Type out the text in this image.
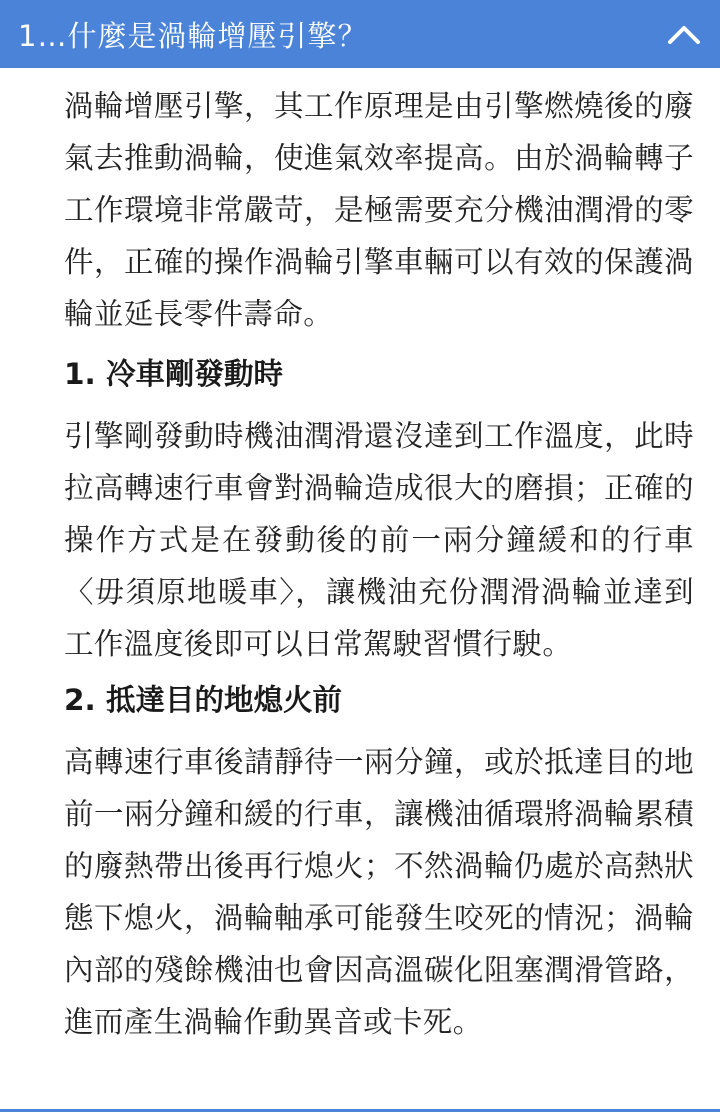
1…什麼是渦輪增壓引擎？

渦輪增壓引擎，其工作原理是由引擎燃燒後的廢氣去推動渦輪，使進氣效率提高。由於渦輪轉子工作環境非常嚴苛，是極需要充分機油潤滑的零件，正確的操作渦輪引擎車輛可以有效的保護渦輪並延長零件壽命。

1. 冷車剛發動時

引擎剛發動時機油潤滑還沒達到工作溫度，此時拉高轉速行車會對渦輪造成很大的磨損；正確的操作方式是在發動後的前一兩分鐘緩和的行車〈毋須原地暖車〉，讓機油充份潤滑渦輪並達到工作溫度後即可以日常駕駛習慣行駛。

2. 抵達目的地熄火前

高轉速行車後請靜待一兩分鐘，或於抵達目的地前一兩分鐘和緩的行車，讓機油循環將渦輪累積的廢熱帶出後再行熄火；不然渦輪仍處於高熱狀態下熄火，渦輪軸承可能發生咬死的情況；渦輪內部的殘餘機油也會因高溫碳化阻塞潤滑管路，進而產生渦輪作動異音或卡死。
